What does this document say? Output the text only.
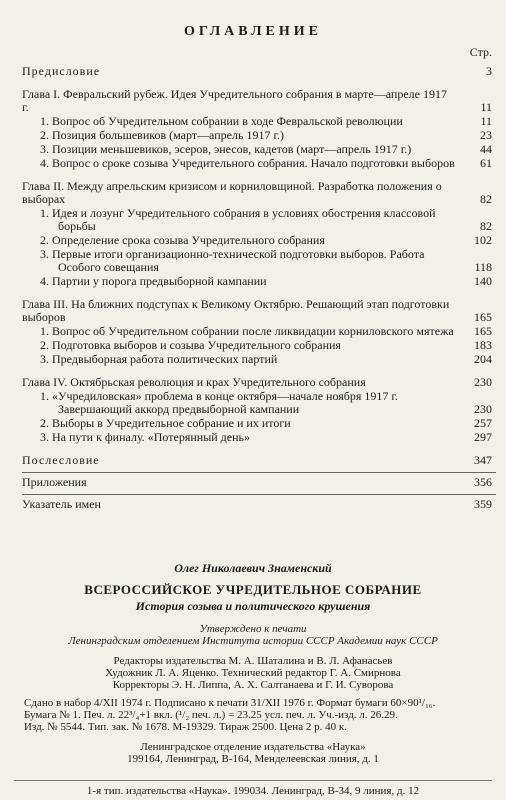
ОГЛАВЛЕНИЕ
Стр.
Предисловие	3
Глава I. Февральский рубеж. Идея Учредительного собрания в марте—апреле 1917 г.	11
1. Вопрос об Учредительном собрании в ходе Февральской революции	11
2. Позиция большевиков (март—апрель 1917 г.)	23
3. Позиции меньшевиков, эсеров, энесов, кадетов (март—апрель 1917 г.)	44
4. Вопрос о сроке созыва Учредительного собрания. Начало подготовки выборов	61
Глава II. Между апрельским кризисом и корниловщиной. Разработка положения о выборах	82
1. Идея и лозунг Учредительного собрания в условиях обострения классовой борьбы	82
2. Определение срока созыва Учредительного собрания	102
3. Первые итоги организационно-технической подготовки выборов. Работа Особого совещания	118
4. Партии у порога предвыборной кампании	140
Глава III. На ближних подступах к Великому Октябрю. Решающий этап подготовки выборов	165
1. Вопрос об Учредительном собрании после ликвидации корниловского мятежа	165
2. Подготовка выборов и созыва Учредительного собрания	183
3. Предвыборная работа политических партий	204
Глава IV. Октябрьская революция и крах Учредительного собрания	230
1. «Учредиловская» проблема в конце октября—начале ноября 1917 г. Завершающий аккорд предвыборной кампании	230
2. Выборы в Учредительное собрание и их итоги	257
3. На пути к финалу. «Потерянный день»	297
Послесловие	347
Приложения	356
Указатель имен	359
Олег Николаевич Знаменский
ВСЕРОССИЙСКОЕ УЧРЕДИТЕЛЬНОЕ СОБРАНИЕ
История созыва и политического крушения
Утверждено к печати
Ленинградским отделением Института истории СССР Академии наук СССР
Редакторы издательства М. А. Шаталина и В. Л. Афанасьев
Художник Л. А. Яценко. Технический редактор Г. А. Смирнова
Корректоры Э. Н. Липпа, А. Х. Салтанаева и Г. И. Суворова
Сдано в набор 4/XII 1974 г. Подписано к печати 31/XII 1976 г. Формат бумаги 60×90¹/₁₆.
Бумага № 1. Печ. л. 22³/₄+1 вкл. (¹/₂ печ. л.) = 23.25 усл. печ. л. Уч.-изд. л. 26.29.
Изд. № 5544. Тип. зак. № 1678. М-19329. Тираж 2500. Цена 2 р. 40 к.
Ленинградское отделение издательства «Наука»
199164, Ленинград, В-164, Менделеевская линия, д. 1
1-я тип. издательства «Наука». 199034. Ленинград, В-34, 9 линия, д. 12
